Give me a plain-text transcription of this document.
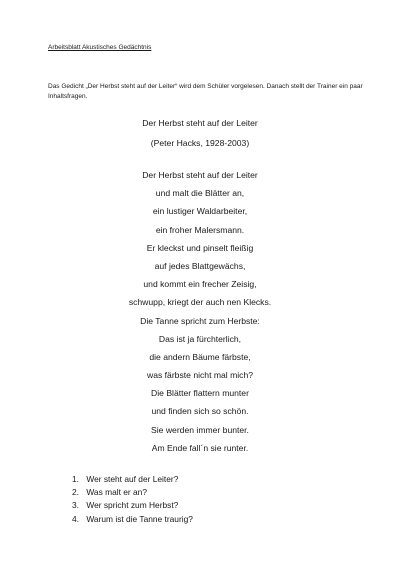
Arbeitsblatt Akustisches Gedächtnis
Das Gedicht „Der Herbst steht auf der Leiter“ wird dem Schüler vorgelesen. Danach stellt der Trainer ein paar Inhaltsfragen.
Der Herbst steht auf der Leiter
(Peter Hacks, 1928-2003)
Der Herbst steht auf der Leiter
und malt die Blätter an,
ein lustiger Waldarbeiter,
ein froher Malersmann.
Er kleckst und pinselt fleißig
auf jedes Blattgewächs,
und kommt ein frecher Zeisig,
schwupp, kriegt der auch nen Klecks.
Die Tanne spricht zum Herbste:
Das ist ja fürchterlich,
die andern Bäume färbste,
was färbste nicht mal mich?
Die Blätter flattern munter
und finden sich so schön.
Sie werden immer bunter.
Am Ende fall´n sie runter.
1. Wer steht auf der Leiter?
2. Was malt er an?
3. Wer spricht zum Herbst?
4. Warum ist die Tanne traurig?
